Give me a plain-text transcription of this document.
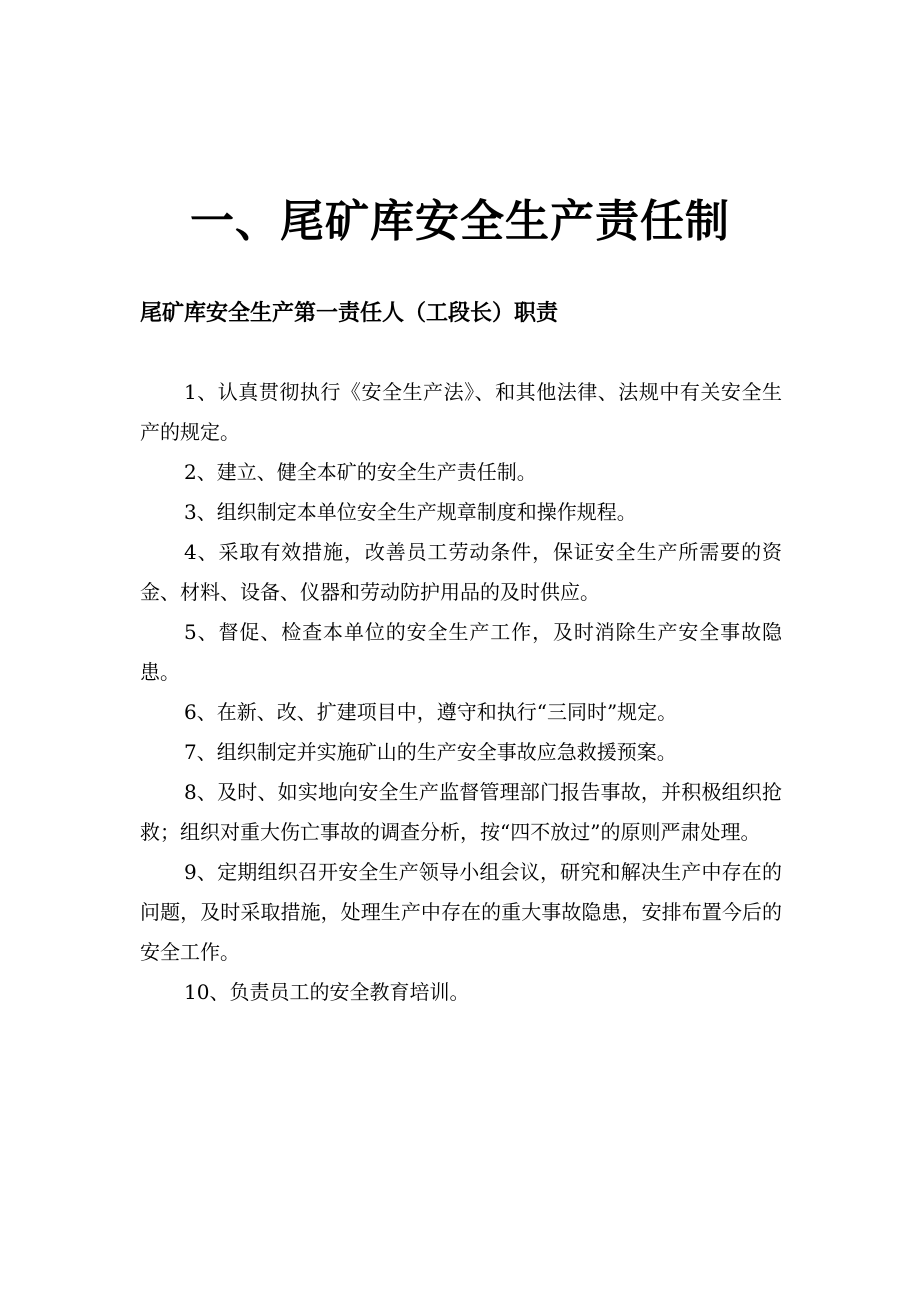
一、尾矿库安全生产责任制
尾矿库安全生产第一责任人（工段长）职责
1、认真贯彻执行《安全生产法》、和其他法律、法规中有关安全生产的规定。
2、建立、健全本矿的安全生产责任制。
3、组织制定本单位安全生产规章制度和操作规程。
4、采取有效措施，改善员工劳动条件，保证安全生产所需要的资金、材料、设备、仪器和劳动防护用品的及时供应。
5、督促、检查本单位的安全生产工作，及时消除生产安全事故隐患。
6、在新、改、扩建项目中，遵守和执行“三同时”规定。
7、组织制定并实施矿山的生产安全事故应急救援预案。
8、及时、如实地向安全生产监督管理部门报告事故，并积极组织抢救；组织对重大伤亡事故的调查分析，按“四不放过”的原则严肃处理。
9、定期组织召开安全生产领导小组会议，研究和解决生产中存在的问题，及时采取措施，处理生产中存在的重大事故隐患，安排布置今后的安全工作。
10、负责员工的安全教育培训。
